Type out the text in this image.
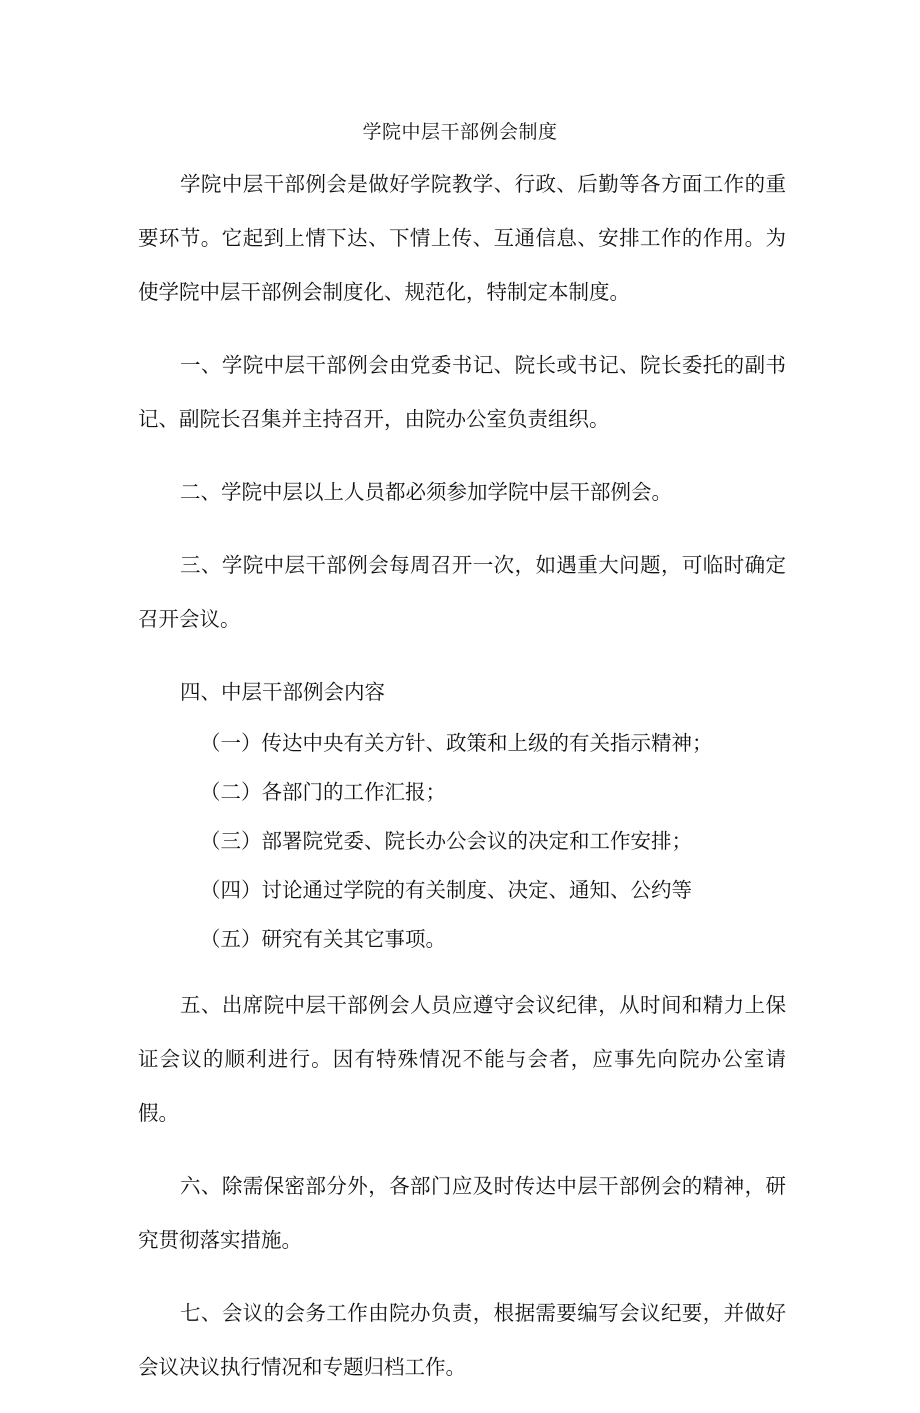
学院中层干部例会制度

学院中层干部例会是做好学院教学、行政、后勤等各方面工作的重要环节。它起到上情下达、下情上传、互通信息、安排工作的作用。为使学院中层干部例会制度化、规范化，特制定本制度。

一、学院中层干部例会由党委书记、院长或书记、院长委托的副书记、副院长召集并主持召开，由院办公室负责组织。

二、学院中层以上人员都必须参加学院中层干部例会。

三、学院中层干部例会每周召开一次，如遇重大问题，可临时确定召开会议。

四、中层干部例会内容

（一）传达中央有关方针、政策和上级的有关指示精神；

（二）各部门的工作汇报；

（三）部署院党委、院长办公会议的决定和工作安排；

（四）讨论通过学院的有关制度、决定、通知、公约等

（五）研究有关其它事项。

五、出席院中层干部例会人员应遵守会议纪律，从时间和精力上保证会议的顺利进行。因有特殊情况不能与会者，应事先向院办公室请假。

六、除需保密部分外，各部门应及时传达中层干部例会的精神，研究贯彻落实措施。

七、会议的会务工作由院办负责，根据需要编写会议纪要，并做好会议决议执行情况和专题归档工作。
